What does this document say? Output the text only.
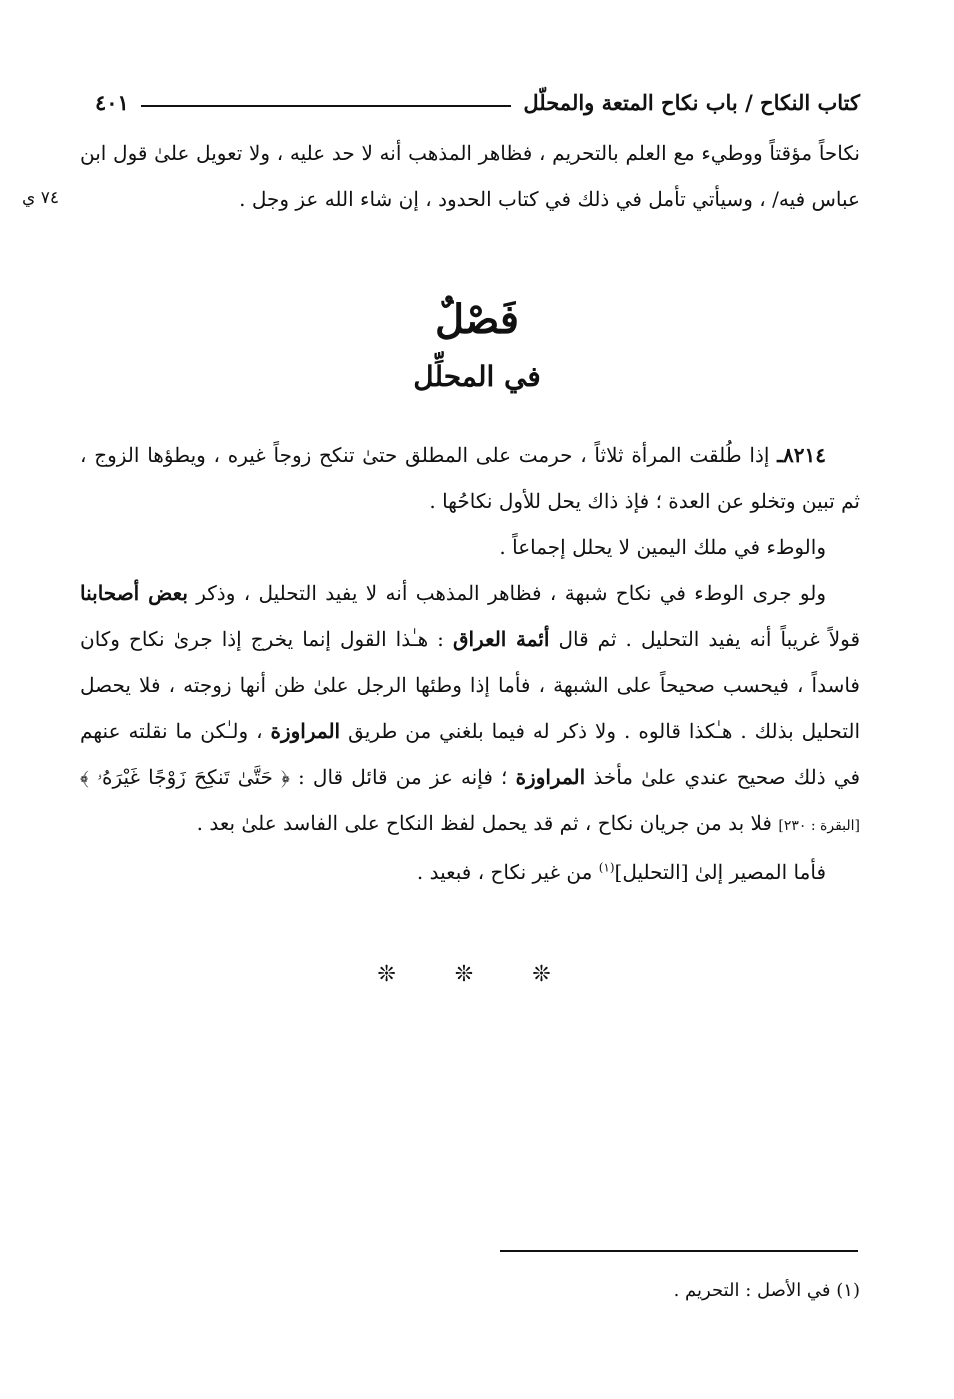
كتاب النكاح / باب نكاح المتعة والمحلّل
٤٠١
نكاحاً مؤقتاً ووطيء مع العلم بالتحريم ، فظاهر المذهب أنه لا حد عليه ، ولا تعويل علىٰ قول ابن عباس فيه/ ، وسيأتي تأمل في ذلك في كتاب الحدود ، إن شاء الله عز وجل .
٧٤ ي
فَصْلٌ
في المحلِّل

٨٢١٤ـ إذا طُلقت المرأة ثلاثاً ، حرمت على المطلق حتىٰ تنكح زوجاً غيره ، ويطؤها الزوج ، ثم تبين وتخلو عن العدة ؛ فإذ ذاك يحل للأول نكاحُها .

والوطء في ملك اليمين لا يحلل إجماعاً .

ولو جرى الوطء في نكاح شبهة ، فظاهر المذهب أنه لا يفيد التحليل ، وذكر بعض أصحابنا قولاً غريباً أنه يفيد التحليل . ثم قال أئمة العراق : هـٰذا القول إنما يخرج إذا جرىٰ نكاح وكان فاسداً ، فيحسب صحيحاً على الشبهة ، فأما إذا وطئها الرجل علىٰ ظن أنها زوجته ، فلا يحصل التحليل بذلك . هـٰكذا قالوه . ولا ذكر له فيما بلغني من طريق المراوزة ، ولـٰكن ما نقلته عنهم في ذلك صحيح عندي علىٰ مأخذ المراوزة ؛ فإنه عز من قائل قال : ﴿ حَتَّىٰ تَنكِحَ زَوْجًا غَيْرَهُۥ ﴾ [البقرة : ٢٣٠] فلا بد من جريان نكاح ، ثم قد يحمل لفظ النكاح على الفاسد علىٰ بعد .

فأما المصير إلىٰ [التحليل]$^{(١)}$ من غير نكاح ، فبعيد .

❊ ❊ ❊
(١) في الأصل : التحريم .
